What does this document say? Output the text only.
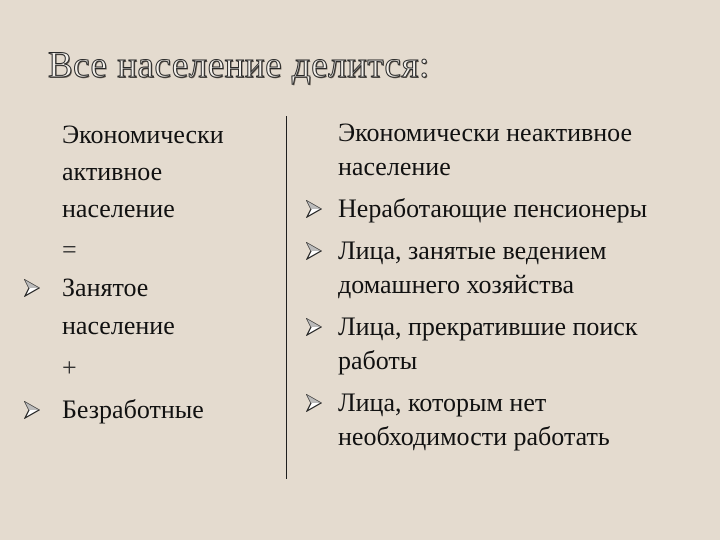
Все население делится:
Экономически
активное
население
=
Занятое
население
+
Безработные
Экономически неактивное население
Неработающие пенсионеры
Лица, занятые ведением домашнего хозяйства
Лица, прекратившие поиск работы
Лица, которым нет необходимости работать
